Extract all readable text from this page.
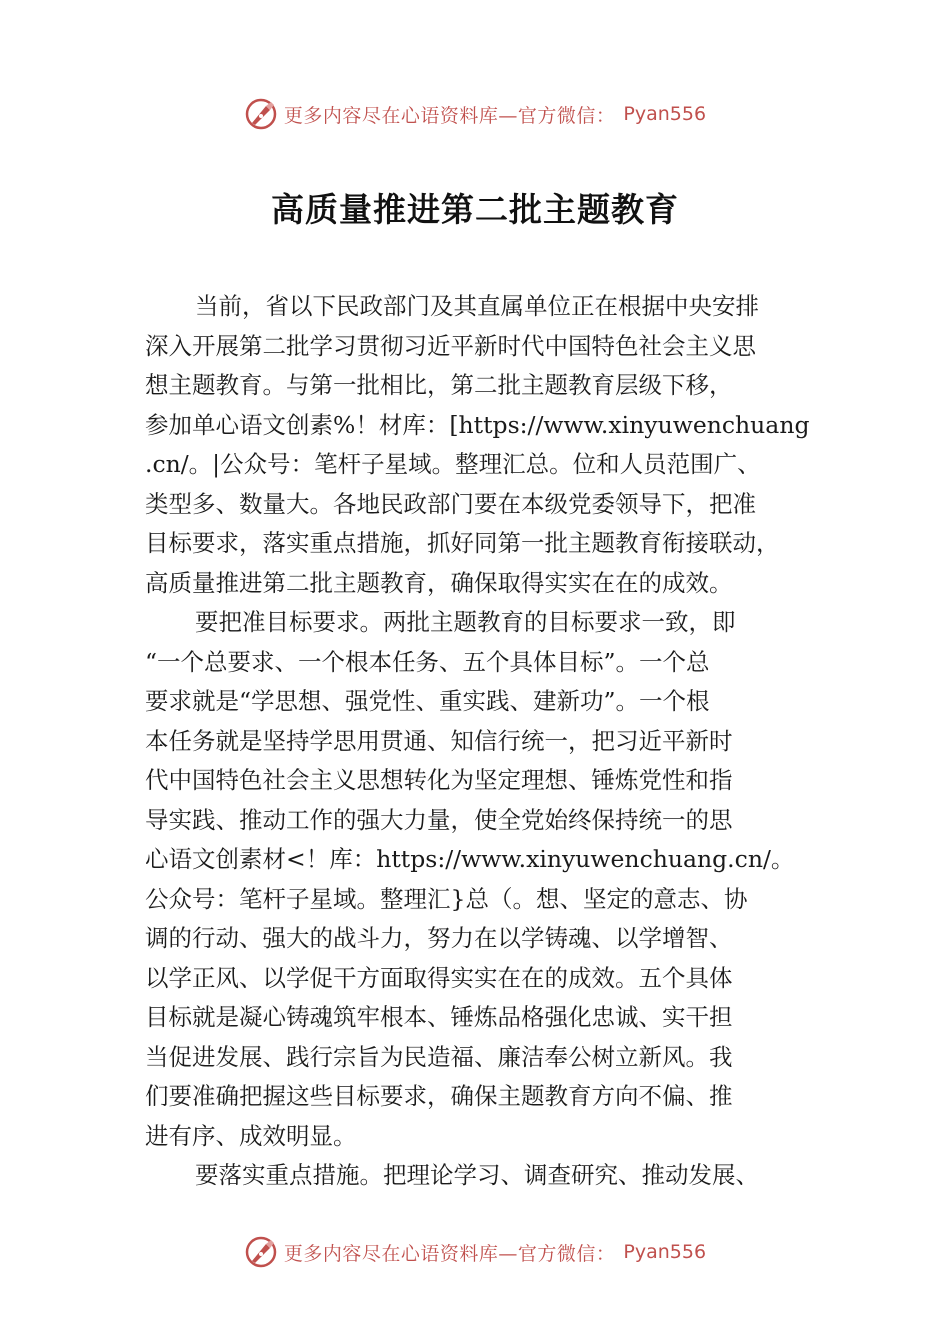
更多内容尽在心语资料库—官方微信： Pyan556
高质量推进第二批主题教育
当前，省以下民政部门及其直属单位正在根据中央安排
深入开展第二批学习贯彻习近平新时代中国特色社会主义思
想主题教育。与第一批相比，第二批主题教育层级下移，
参加单心语文创素%！材库：[https://www.xinyuwenchuang
.cn/。|公众号：笔杆子星域。整理汇总。位和人员范围广、
类型多、数量大。各地民政部门要在本级党委领导下，把准
目标要求，落实重点措施，抓好同第一批主题教育衔接联动，
高质量推进第二批主题教育，确保取得实实在在的成效。
要把准目标要求。两批主题教育的目标要求一致，即
“一个总要求、一个根本任务、五个具体目标”。一个总
要求就是“学思想、强党性、重实践、建新功”。一个根
本任务就是坚持学思用贯通、知信行统一，把习近平新时
代中国特色社会主义思想转化为坚定理想、锤炼党性和指
导实践、推动工作的强大力量，使全党始终保持统一的思
心语文创素材<！库：https://www.xinyuwenchuang.cn/。
公众号：笔杆子星域。整理汇}总（。想、坚定的意志、协
调的行动、强大的战斗力，努力在以学铸魂、以学增智、
以学正风、以学促干方面取得实实在在的成效。五个具体
目标就是凝心铸魂筑牢根本、锤炼品格强化忠诚、实干担
当促进发展、践行宗旨为民造福、廉洁奉公树立新风。我
们要准确把握这些目标要求，确保主题教育方向不偏、推
进有序、成效明显。
要落实重点措施。把理论学习、调查研究、推动发展、
更多内容尽在心语资料库—官方微信： Pyan556
